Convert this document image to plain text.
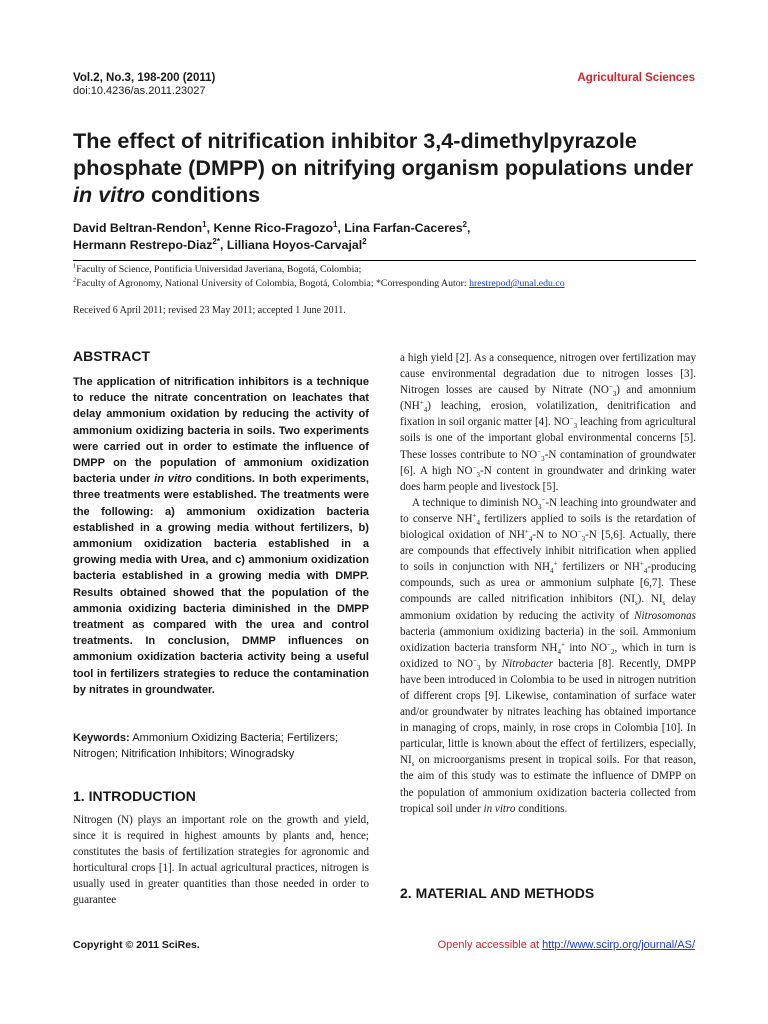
Vol.2, No.3, 198-200 (2011)
doi:10.4236/as.2011.23027
Agricultural Sciences
The effect of nitrification inhibitor 3,4-dimethylpyrazole phosphate (DMPP) on nitrifying organism populations under in vitro conditions
David Beltran-Rendon$^1$, Kenne Rico-Fragozo$^1$, Lina Farfan-Caceres$^2$,
Hermann Restrepo-Diaz$^{2*}$, Lilliana Hoyos-Carvajal$^2$
$^1$Faculty of Science, Pontificia Universidad Javeriana, Bogotá, Colombia;
$^2$Faculty of Agronomy, National University of Colombia, Bogotá, Colombia; *Corresponding Autor: hrestrepod@unal.edu.co
Received 6 April 2011; revised 23 May 2011; accepted 1 June 2011.
ABSTRACT
The application of nitrification inhibitors is a technique to reduce the nitrate concentration on leachates that delay ammonium oxidation by reducing the activity of ammonium oxidizing bacteria in soils. Two experiments were carried out in order to estimate the influence of DMPP on the population of ammonium oxidization bacteria under in vitro conditions. In both experiments, three treatments were established. The treatments were the following: a) ammonium oxidization bacteria established in a growing media without fertilizers, b) ammonium oxidization bacteria established in a growing media with Urea, and c) ammonium oxidization bacteria established in a growing media with DMPP. Results obtained showed that the population of the ammonia oxidizing bacteria diminished in the DMPP treatment as compared with the urea and control treatments. In conclusion, DMMP influences on ammonium oxidization bacteria activity being a useful tool in fertilizers strategies to reduce the contamination by nitrates in groundwater.
Keywords: Ammonium Oxidizing Bacteria; Fertilizers; Nitrogen; Nitrification Inhibitors; Winogradsky
1. INTRODUCTION
Nitrogen (N) plays an important role on the growth and yield, since it is required in highest amounts by plants and, hence; constitutes the basis of fertilization strategies for agronomic and horticultural crops [1]. In actual agricultural practices, nitrogen is usually used in greater quantities than those needed in order to guarantee

a high yield [2]. As a consequence, nitrogen over fertilization may cause environmental degradation due to nitrogen losses [3]. Nitrogen losses are caused by Nitrate $(NO^-_3)$ and amonnium $(NH^+_4)$ leaching, erosion, volatilization, denitrification and fixation in soil organic matter [4]. $NO^-_3$ leaching from agricultural soils is one of the important global environmental concerns [5]. These losses contribute to $NO^-_3-N$ contamination of groundwater [6]. A high $NO^-_3-N$ content in groundwater and drinking water does harm people and livestock [5].

A technique to diminish $NO_3^--N$ leaching into groundwater and to conserve $NH^+_4$ fertilizers applied to soils is the retardation of biological oxidation of $NH^+_4-N$ to $NO^-_3-N$ [5,6]. Actually, there are compounds that effectively inhibit nitrification when applied to soils in conjunction with $NH_4^+$ fertilizers or $NH^+_4$-producing compounds, such as urea or ammonium sulphate [6,7]. These compounds are called nitrification inhibitors $(NI_s)$. $NI_s$ delay ammonium oxidation by reducing the activity of Nitrosomonas bacteria (ammonium oxidizing bacteria) in the soil. Ammonium oxidization bacteria transform $NH_4^+$ into $NO^-_2$, which in turn is oxidized to $NO^-_3$ by Nitrobacter bacteria [8]. Recently, DMPP have been introduced in Colombia to be used in nitrogen nutrition of different crops [9]. Likewise, contamination of surface water and/or groundwater by nitrates leaching has obtained importance in managing of crops, mainly, in rose crops in Colombia [10]. In particular, little is known about the effect of fertilizers, especially, $NI_s$ on microorganisms present in tropical soils. For that reason, the aim of this study was to estimate the influence of DMPP on the population of ammonium oxidization bacteria collected from tropical soil under in vitro conditions.

2. MATERIAL AND METHODS
Copyright © 2011 SciRes.	Openly accessible at http://www.scirp.org/journal/AS/
